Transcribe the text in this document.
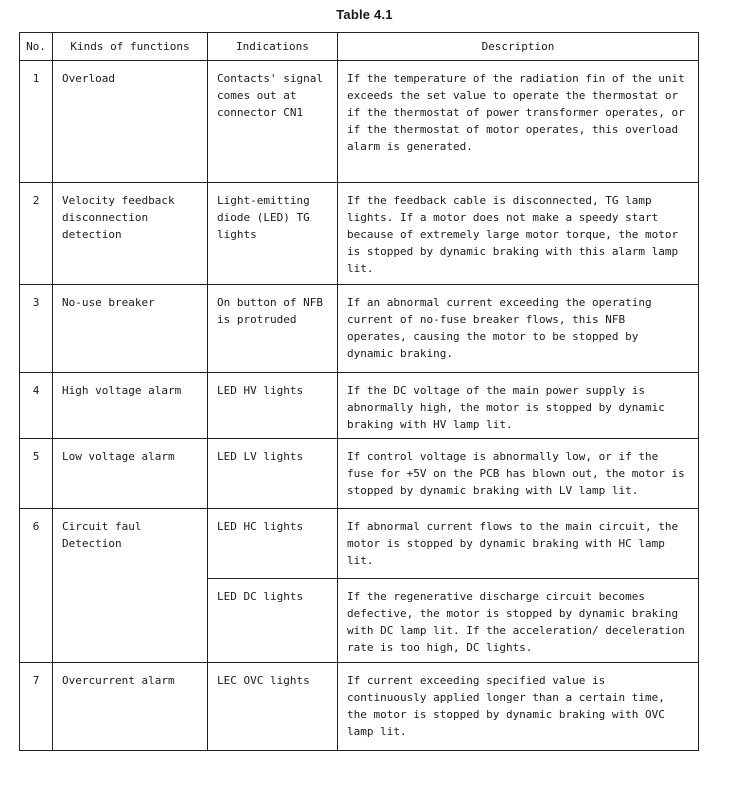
Table 4.1
No.	Kinds of functions	Indications	Description
1	Overload	Contacts' signal comes out at connector CN1	If the temperature of the radiation fin of the unit exceeds the set value to operate the thermostat or if the thermostat of power transformer operates, or if the thermostat of motor operates, this overload alarm is generated.
2	Velocity feedback disconnection detection	Light-emitting diode (LED) TG lights	If the feedback cable is disconnected, TG lamp lights. If a motor does not make a speedy start because of extremely large motor torque, the motor is stopped by dynamic braking with this alarm lamp lit.
3	No-use breaker	On button of NFB is protruded	If an abnormal current exceeding the operating current of no-fuse breaker flows, this NFB operates, causing the motor to be stopped by dynamic braking.
4	High voltage alarm	LED HV lights	If the DC voltage of the main power supply is abnormally high, the motor is stopped by dynamic braking with HV lamp lit.
5	Low voltage alarm	LED LV lights	If control voltage is abnormally low, or if the fuse for +5V on the PCB has blown out, the motor is stopped by dynamic braking with LV lamp lit.
6	Circuit faul Detection	LED HC lights	If abnormal current flows to the main circuit, the motor is stopped by dynamic braking with HC lamp lit.
		LED DC lights	If the regenerative discharge circuit becomes defective, the motor is stopped by dynamic braking with DC lamp lit. If the acceleration/ deceleration rate is too high, DC lights.
7	Overcurrent alarm	LEC OVC lights	If current exceeding specified value is continuously applied longer than a certain time, the motor is stopped by dynamic braking with OVC lamp lit.
